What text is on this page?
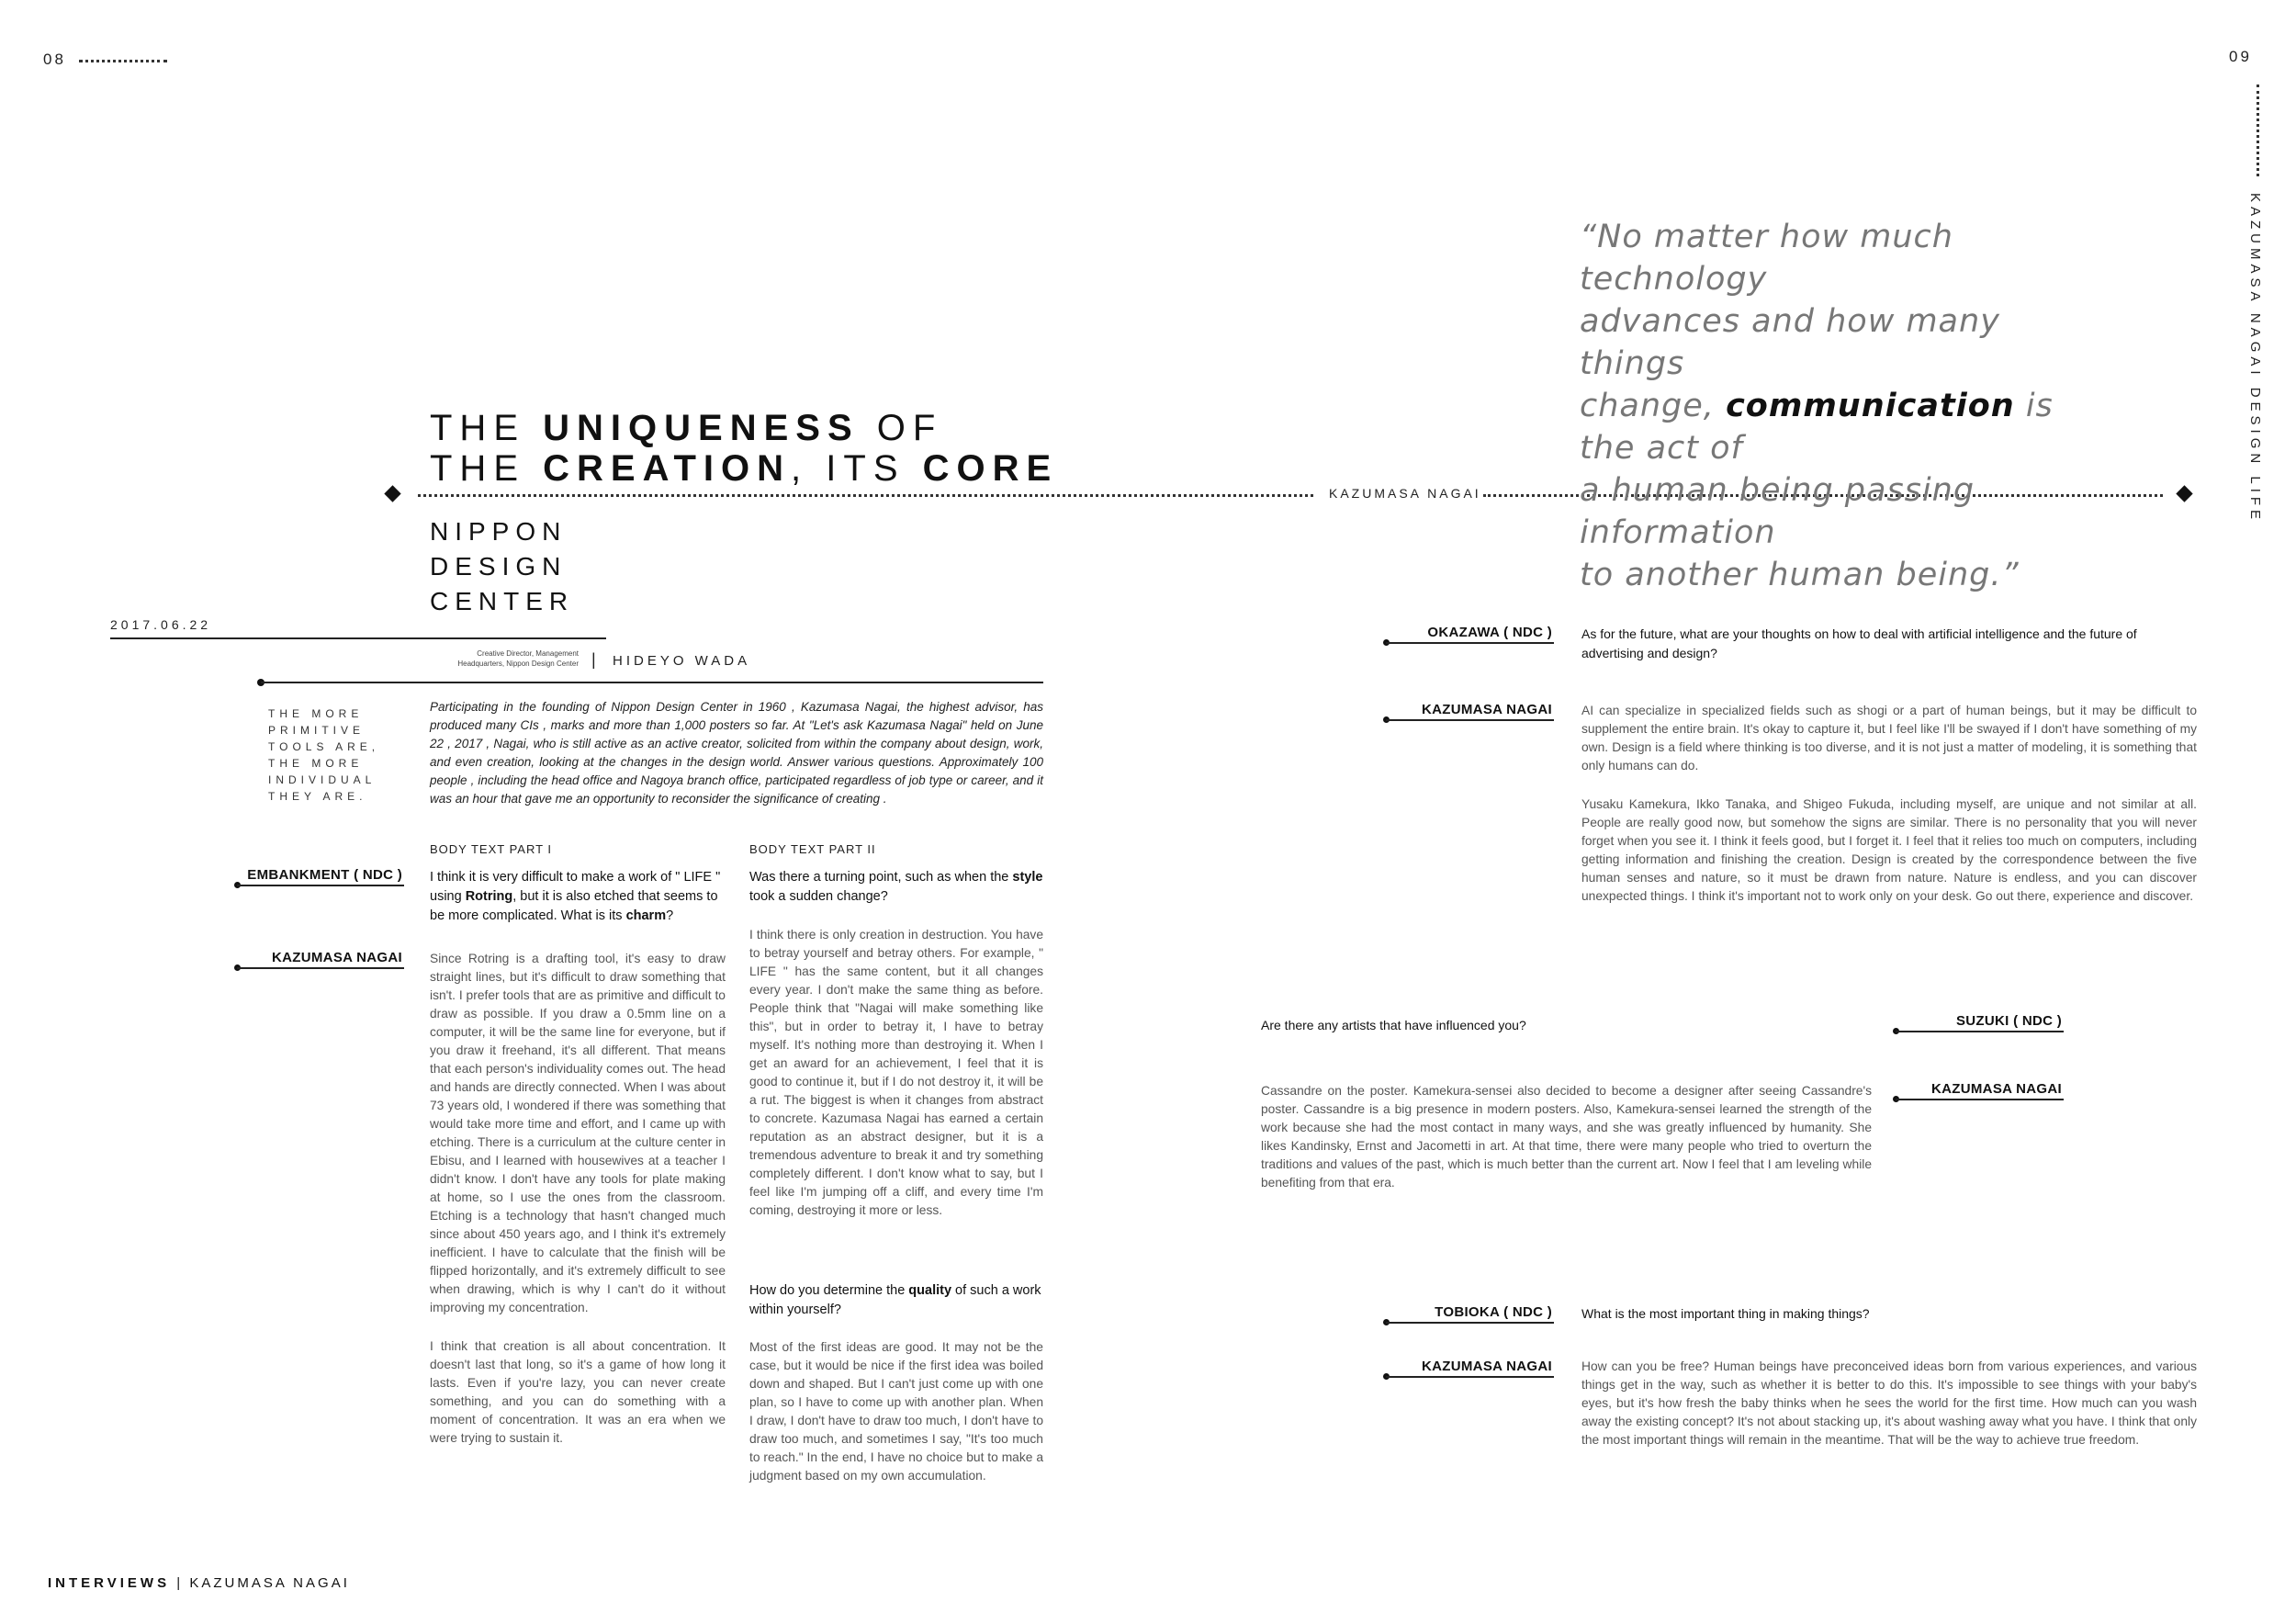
08	09
KAZUMASA NAGAI DESIGN LIFE
THE UNIQUENESS OF
THE CREATION, ITS CORE
KAZUMASA NAGAI
NIPPON
DESIGN
CENTER
2017.06.22
Creative Director, Management
Headquarters, Nippon Design Center | HIDEYO WADA
THE MORE
PRIMITIVE
TOOLS ARE,
THE MORE
INDIVIDUAL
THEY ARE.
Participating in the founding of Nippon Design Center in 1960 , Kazumasa Nagai, the highest advisor, has produced many CIs , marks and more than 1,000 posters so far. At "Let's ask Kazumasa Nagai" held on June 22 , 2017 , Nagai, who is still active as an active creator, solicited from within the company about design, work, and even creation, looking at the changes in the design world. Answer various questions. Approximately 100 people , including the head office and Nagoya branch office, participated regardless of job type or career, and it was an hour that gave me an opportunity to reconsider the significance of creating .
“No matter how much technology
advances and how many things
change, communication is the act of
a human being passing information
to another human being.”
BODY TEXT PART I
I think it is very difficult to make a work of " LIFE " using Rotring, but it is also etched that seems to be more complicated. What is its charm?

Since Rotring is a drafting tool, it's easy to draw straight lines, but it's difficult to draw something that isn't. I prefer tools that are as primitive and difficult to draw as possible. If you draw a 0.5mm line on a computer, it will be the same line for everyone, but if you draw it freehand, it's all different. That means that each person's individuality comes out. The head and hands are directly connected. When I was about 73 years old, I wondered if there was something that would take more time and effort, and I came up with etching. There is a curriculum at the culture center in Ebisu, and I learned with housewives at a teacher I didn't know. I don't have any tools for plate making at home, so I use the ones from the classroom. Etching is a technology that hasn't changed much since about 450 years ago, and I think it's extremely inefficient. I have to calculate that the finish will be flipped horizontally, and it's extremely difficult to see when drawing, which is why I can't do it without improving my concentration.

I think that creation is all about concentration. It doesn't last that long, so it's a game of how long it lasts. Even if you're lazy, you can never create something, and you can do something with a moment of concentration. It was an era when we were trying to sustain it.

EMBANKMENT ( NDC )
KAZUMASA NAGAI
BODY TEXT PART II
Was there a turning point, such as when the style took a sudden change?
I think there is only creation in destruction. You have to betray yourself and betray others. For example, " LIFE " has the same content, but it all changes every year. I don't make the same thing as before. People think that "Nagai will make something like this", but in order to betray it, I have to betray myself. It's nothing more than destroying it. When I get an award for an achievement, I feel that it is good to continue it, but if I do not destroy it, it will be a rut. The biggest is when it changes from abstract to concrete. Kazumasa Nagai has earned a certain reputation as an abstract designer, but it is a tremendous adventure to break it and try something completely different. I don't know what to say, but I feel like I'm jumping off a cliff, and every time I'm coming, destroying it more or less.
How do you determine the quality of such a work within yourself?
Most of the first ideas are good. It may not be the case, but it would be nice if the first idea was boiled down and shaped. But I can't just come up with one plan, so I have to come up with another plan. When I draw, I don't have to draw too much, I don't have to draw too much, and sometimes I say, "It's too much to reach." In the end, I have no choice but to make a judgment based on my own accumulation.
OKAZAWA ( NDC ) As for the future, what are your thoughts on how to deal with artificial intelligence and the future of advertising and design?
KAZUMASA NAGAI AI can specialize in specialized fields such as shogi or a part of human beings, but it may be difficult to supplement the entire brain. It's okay to capture it, but I feel like I'll be swayed if I don't have something of my own. Design is a field where thinking is too diverse, and it is not just a matter of modeling, it is something that only humans can do.

Yusaku Kamekura, Ikko Tanaka, and Shigeo Fukuda, including myself, are unique and not similar at all. People are really good now, but somehow the signs are similar. There is no personality that you will never forget when you see it. I think it feels good, but I forget it. I feel that it relies too much on computers, including getting information and finishing the creation. Design is created by the correspondence between the five human senses and nature, so it must be drawn from nature. Nature is endless, and you can discover unexpected things. I think it's important not to work only on your desk. Go out there, experience and discover.

Are there any artists that have influenced you?	SUZUKI ( NDC )
Cassandre on the poster. Kamekura-sensei also decided to become a designer after seeing Cassandre's poster. Cassandre is a big presence in modern posters. Also, Kamekura-sensei learned the strength of the work because she had the most contact in many ways, and she was greatly influenced by humanity. She likes Kandinsky, Ernst and Jacometti in art. At that time, there were many people who tried to overturn the traditions and values of the past, which is much better than the current art. Now I feel that I am leveling while benefiting from that era.
KAZUMASA NAGAI
TOBIOKA ( NDC ) What is the most important thing in making things?
KAZUMASA NAGAI How can you be free? Human beings have preconceived ideas born from various experiences, and various things get in the way, such as whether it is better to do this. It's impossible to see things with your baby's eyes, but it's how fresh the baby thinks when he sees the world for the first time. How much can you wash away the existing concept? It's not about stacking up, it's about washing away what you have. I think that only the most important things will remain in the meantime. That will be the way to achieve true freedom.
INTERVIEWS | KAZUMASA NAGAI
